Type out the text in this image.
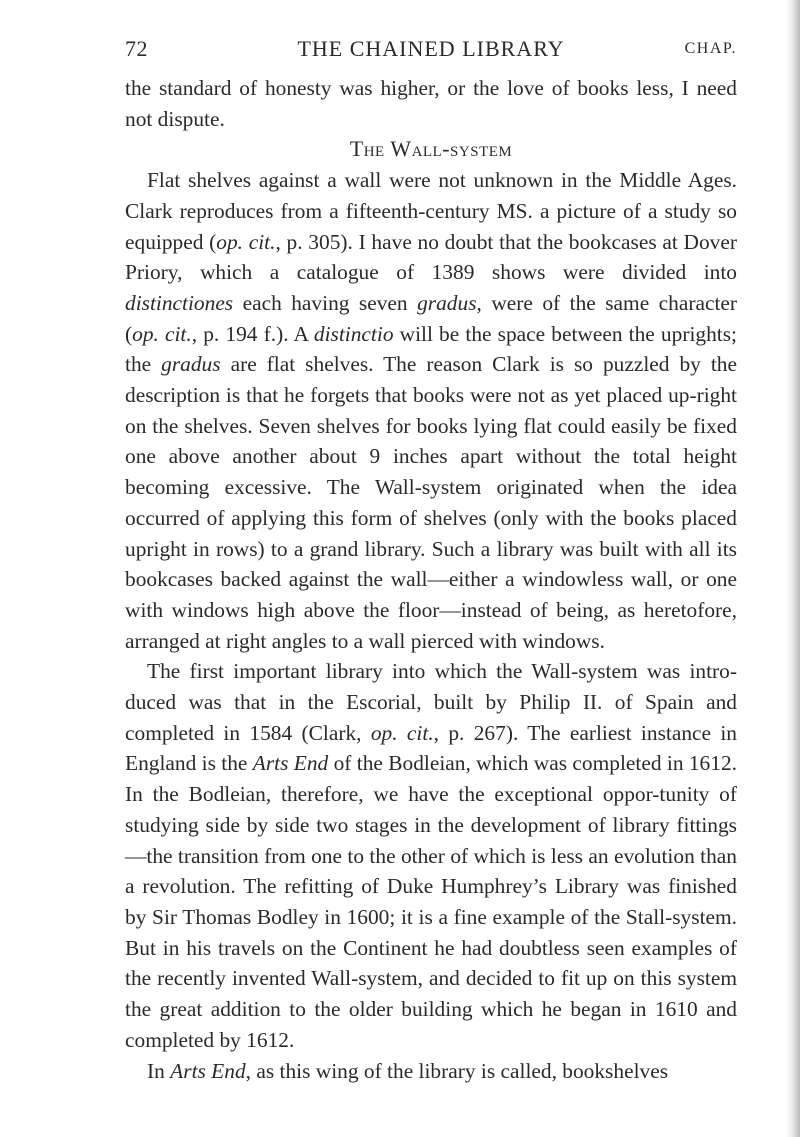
72	THE CHAINED LIBRARY	CHAP.

the standard of honesty was higher, or the love of books less, I need not dispute.

The Wall-system

Flat shelves against a wall were not unknown in the Middle Ages. Clark reproduces from a fifteenth-century MS. a picture of a study so equipped (op. cit., p. 305). I have no doubt that the bookcases at Dover Priory, which a catalogue of 1389 shows were divided into distinctiones each having seven gradus, were of the same character (op. cit., p. 194 f.). A distinctio will be the space between the uprights; the gradus are flat shelves. The reason Clark is so puzzled by the description is that he forgets that books were not as yet placed up-right on the shelves. Seven shelves for books lying flat could easily be fixed one above another about 9 inches apart without the total height becoming excessive. The Wall-system originated when the idea occurred of applying this form of shelves (only with the books placed upright in rows) to a grand library. Such a library was built with all its bookcases backed against the wall—either a windowless wall, or one with windows high above the floor—instead of being, as heretofore, arranged at right angles to a wall pierced with windows.

The first important library into which the Wall-system was intro-duced was that in the Escorial, built by Philip II. of Spain and completed in 1584 (Clark, op. cit., p. 267). The earliest instance in England is the Arts End of the Bodleian, which was completed in 1612. In the Bodleian, therefore, we have the exceptional oppor-tunity of studying side by side two stages in the development of library fittings—the transition from one to the other of which is less an evolution than a revolution. The refitting of Duke Humphrey’s Library was finished by Sir Thomas Bodley in 1600; it is a fine example of the Stall-system. But in his travels on the Continent he had doubtless seen examples of the recently invented Wall-system, and decided to fit up on this system the great addition to the older building which he began in 1610 and completed by 1612.

In Arts End, as this wing of the library is called, bookshelves
